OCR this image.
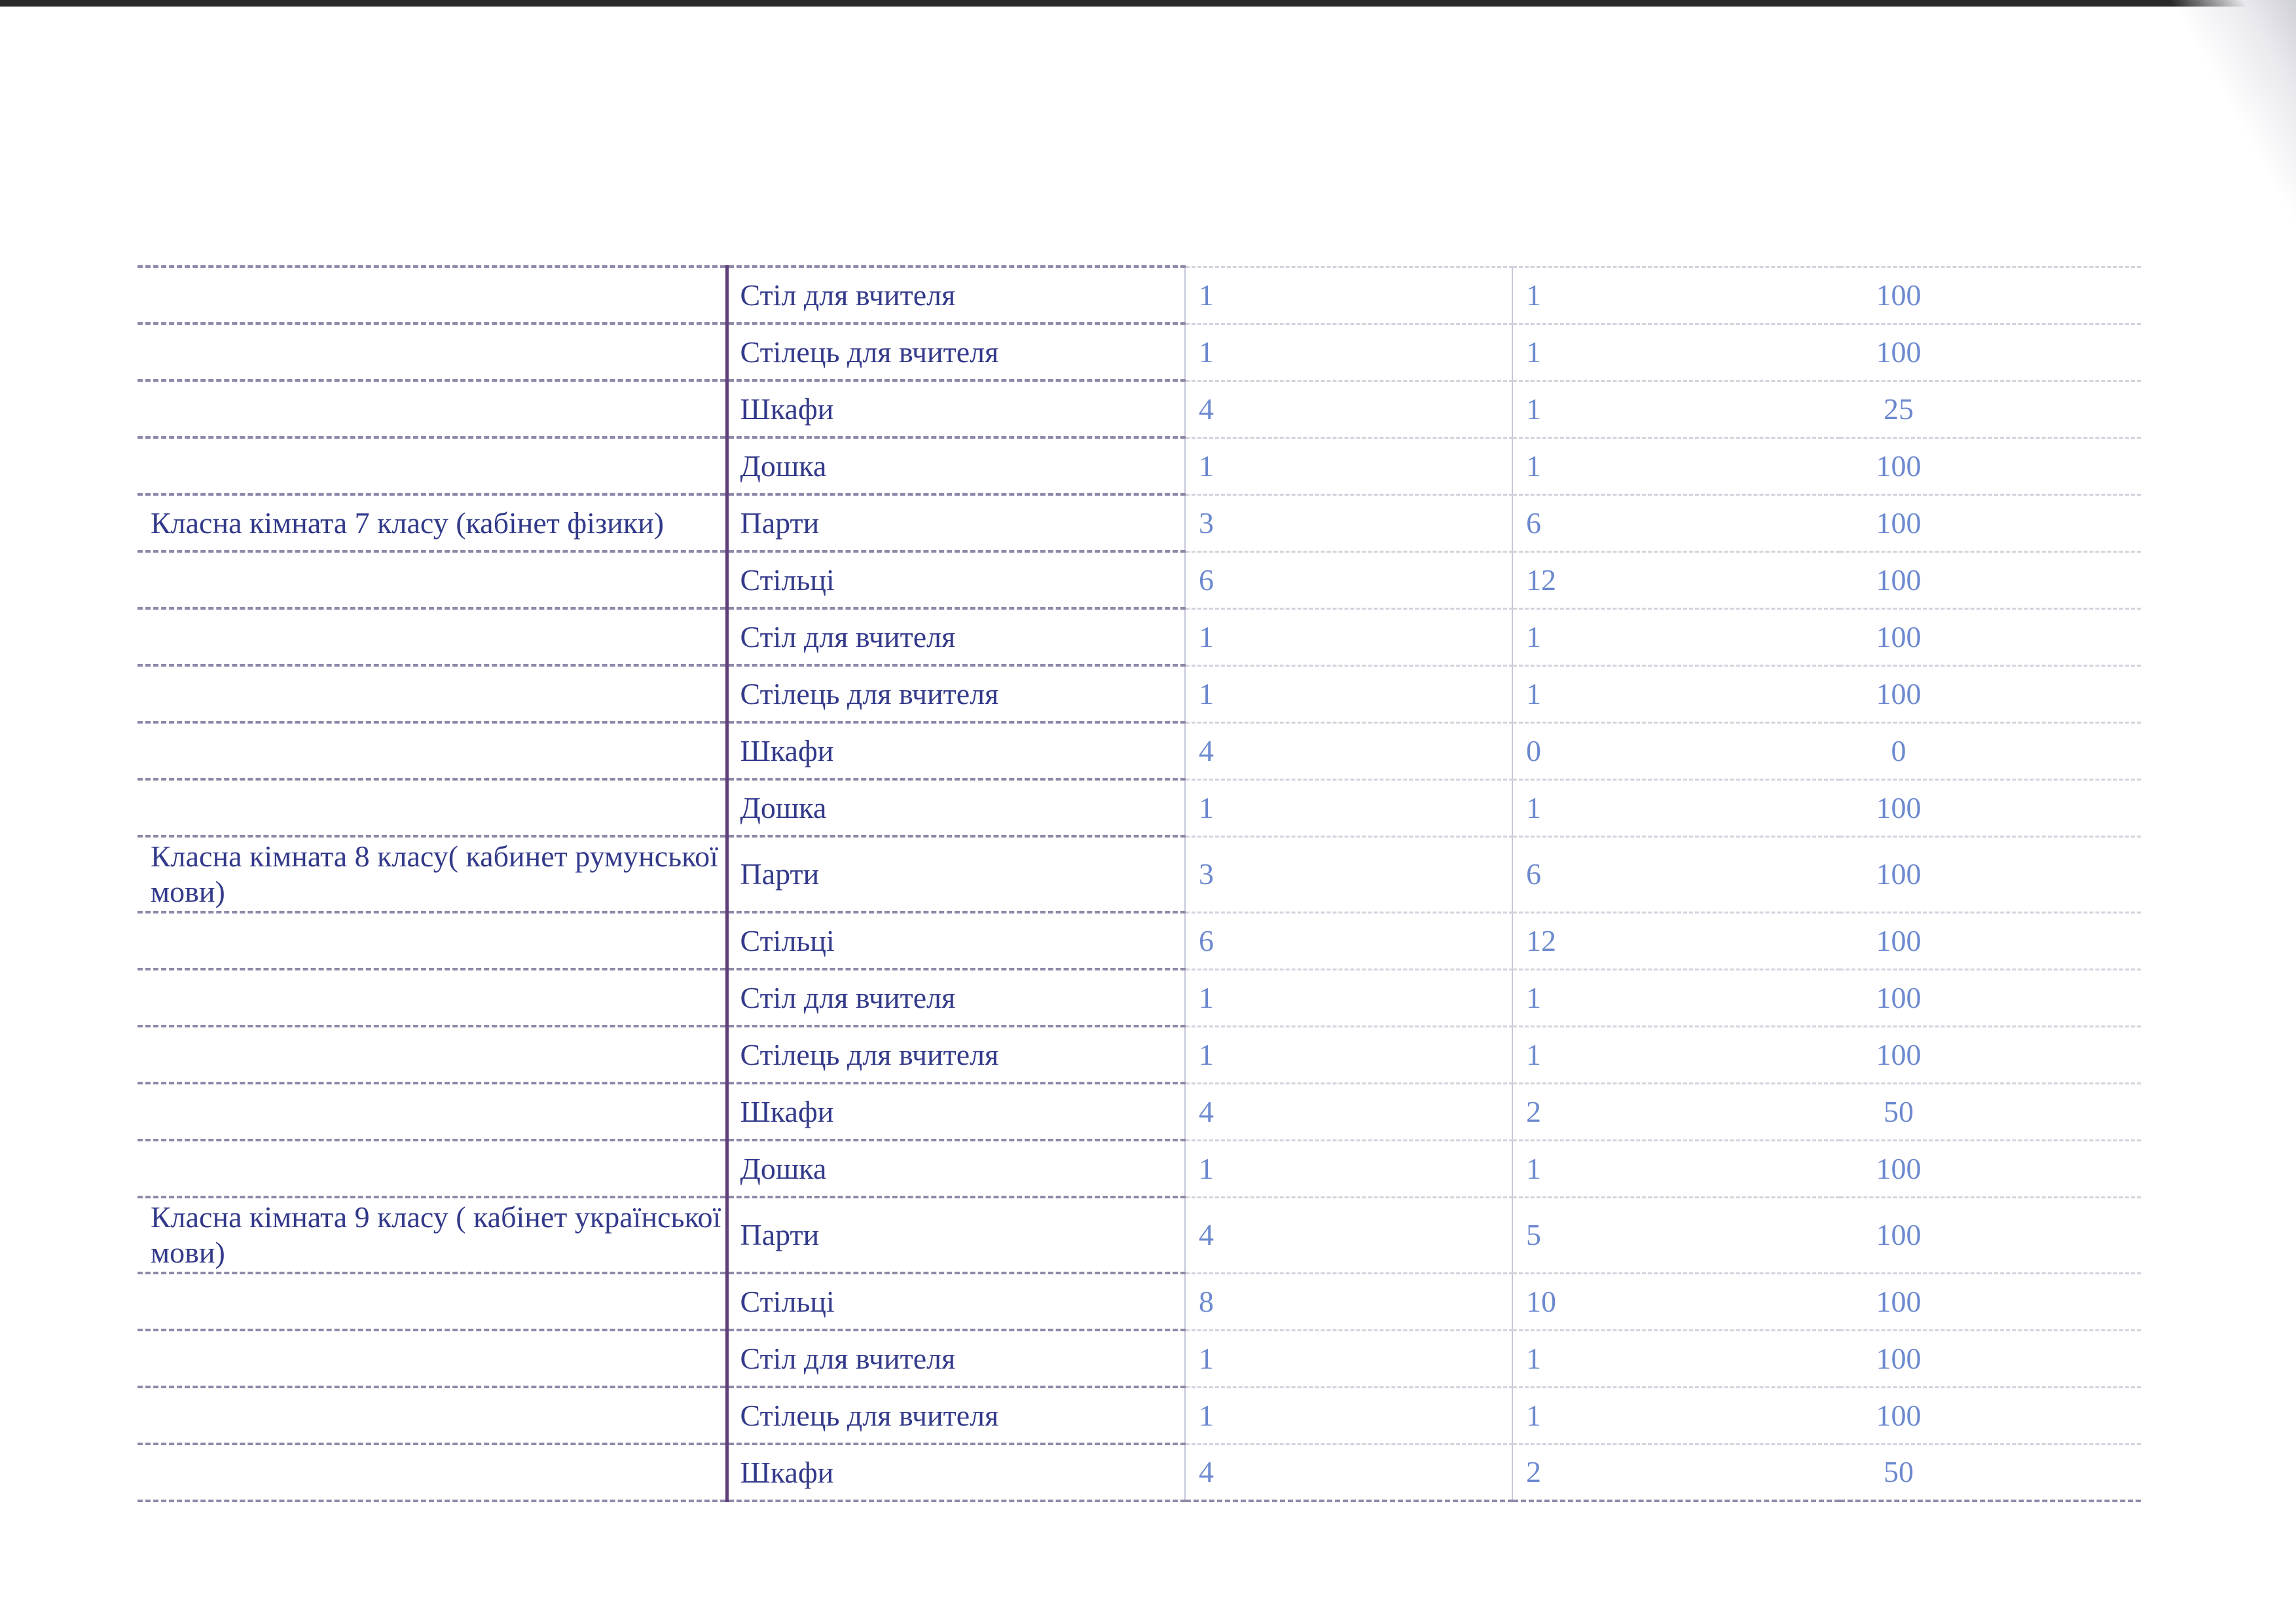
	Стіл для вчителя	1	1	100	
	Стілець для вчителя	1	1	100	
	Шкафи	4	1	25	
	Дошка	1	1	100	
Класна кімната 7 класу (кабінет фізики)	Парти	3	6	100	
	Стільці	6	12	100	
	Стіл для вчителя	1	1	100	
	Стілець для вчителя	1	1	100	
	Шкафи	4	0	0	
	Дошка	1	1	100	
Класна кімната 8 класу( кабинет румунської мови)	Парти	3	6	100	
	Стільці	6	12	100	
	Стіл для вчителя	1	1	100	
	Стілець для вчителя	1	1	100	
	Шкафи	4	2	50	
	Дошка	1	1	100	
Класна кімната 9 класу ( кабінет української мови)	Парти	4	5	100	
	Стільці	8	10	100	
	Стіл для вчителя	1	1	100	
	Стілець для вчителя	1	1	100	
	Шкафи	4	2	50	
